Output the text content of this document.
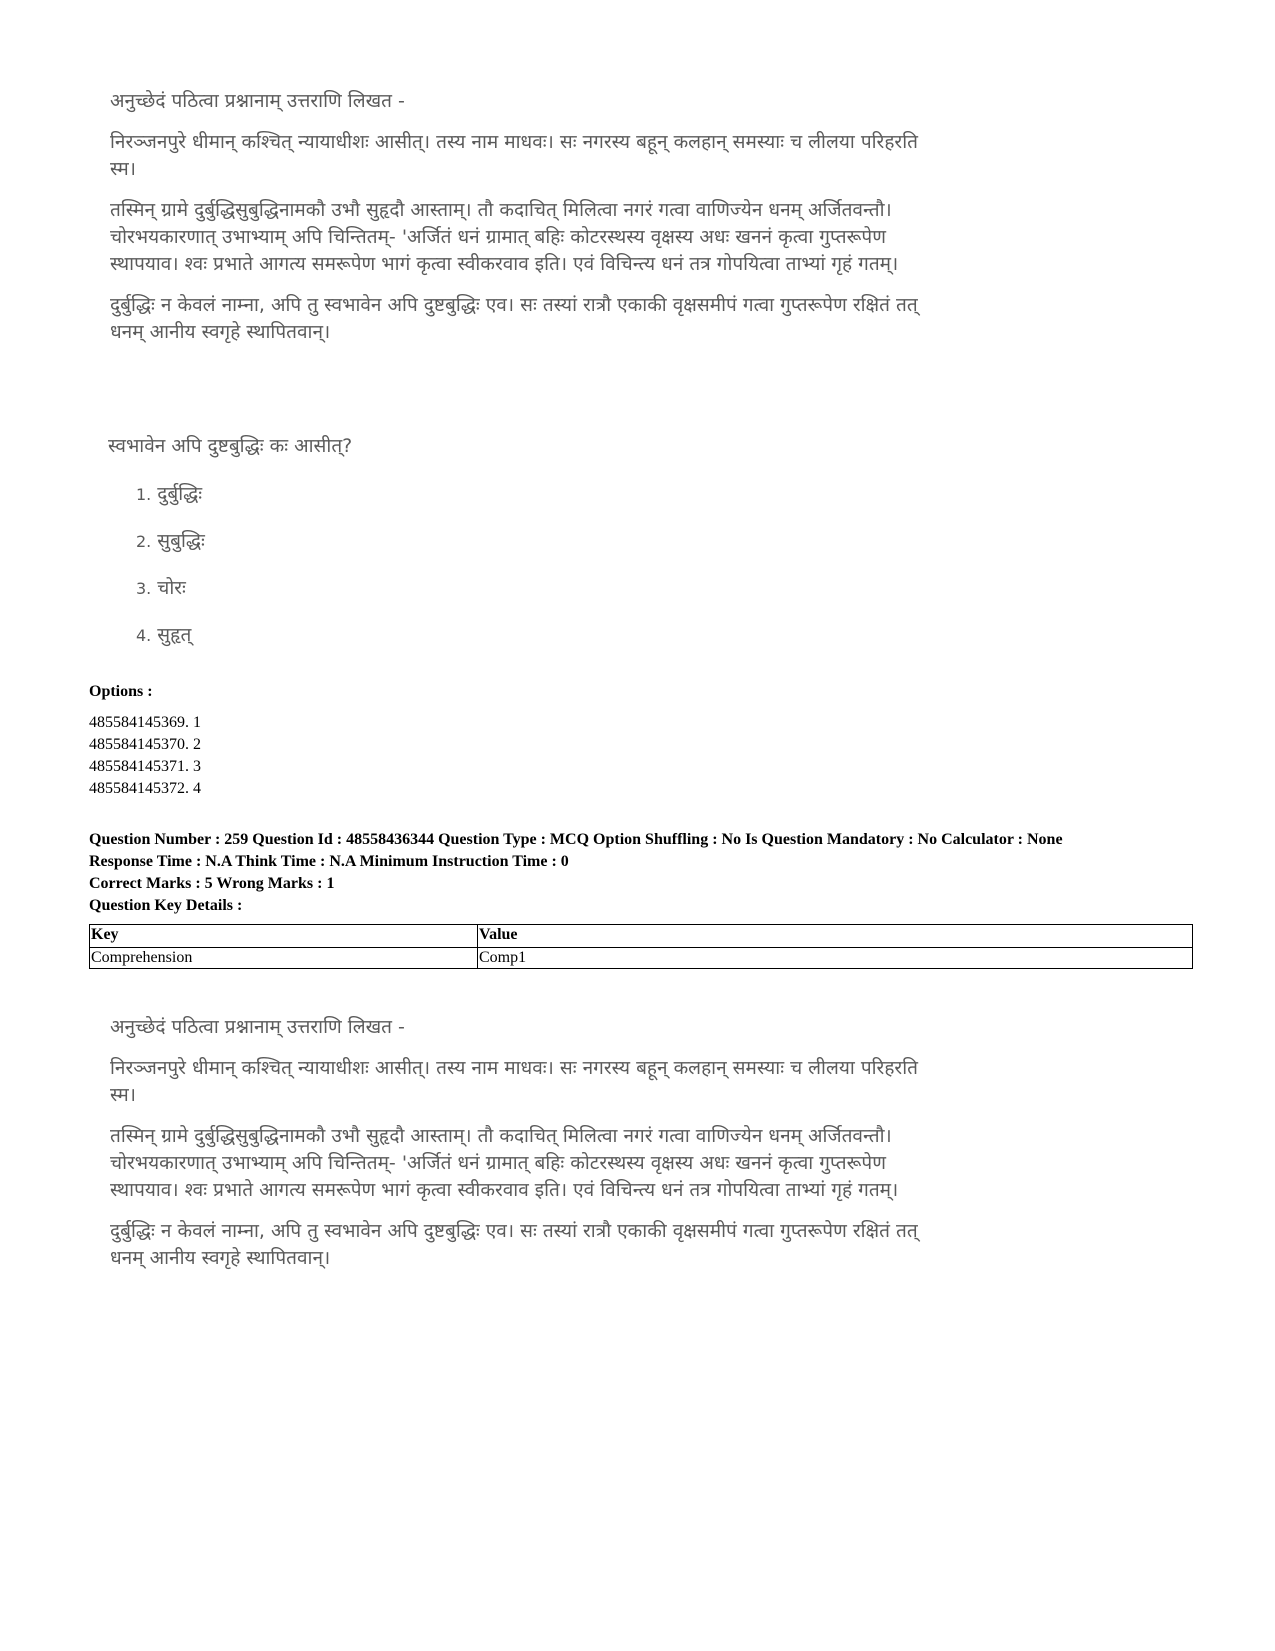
अनुच्छेदं पठित्वा प्रश्नानाम् उत्तराणि लिखत -

निरञ्जनपुरे धीमान् कश्चित् न्यायाधीशः आसीत्। तस्य नाम माधवः। सः नगरस्य बहून् कलहान् समस्याः च लीलया परिहरति

स्म।

तस्मिन् ग्रामे दुर्बुद्धिसुबुद्धिनामकौ उभौ सुहृदौ आस्ताम्। तौ कदाचित् मिलित्वा नगरं गत्वा वाणिज्येन धनम् अर्जितवन्तौ।

चोरभयकारणात् उभाभ्याम् अपि चिन्तितम्- 'अर्जितं धनं ग्रामात् बहिः कोटरस्थस्य वृक्षस्य अधः खननं कृत्वा गुप्तरूपेण

स्थापयाव। श्वः प्रभाते आगत्य समरूपेण भागं कृत्वा स्वीकरवाव इति। एवं विचिन्त्य धनं तत्र गोपयित्वा ताभ्यां गृहं गतम्।

दुर्बुद्धिः न केवलं नाम्ना, अपि तु स्वभावेन अपि दुष्टबुद्धिः एव। सः तस्यां रात्रौ एकाकी वृक्षसमीपं गत्वा गुप्तरूपेण रक्षितं तत्

धनम् आनीय स्वगृहे स्थापितवान्।

स्वभावेन अपि दुष्टबुद्धिः कः आसीत्?

1. दुर्बुद्धिः
2. सुबुद्धिः
3. चोरः
4. सुहृत्
Options :
485584145369. 1
485584145370. 2
485584145371. 3
485584145372. 4
Question Number : 259 Question Id : 48558436344 Question Type : MCQ Option Shuffling : No Is Question Mandatory : No Calculator : None
Response Time : N.A Think Time : N.A Minimum Instruction Time : 0
Correct Marks : 5 Wrong Marks : 1
Question Key Details :
Key	Value
Comprehension	Comp1

अनुच्छेदं पठित्वा प्रश्नानाम् उत्तराणि लिखत -

निरञ्जनपुरे धीमान् कश्चित् न्यायाधीशः आसीत्। तस्य नाम माधवः। सः नगरस्य बहून् कलहान् समस्याः च लीलया परिहरति

स्म।

तस्मिन् ग्रामे दुर्बुद्धिसुबुद्धिनामकौ उभौ सुहृदौ आस्ताम्। तौ कदाचित् मिलित्वा नगरं गत्वा वाणिज्येन धनम् अर्जितवन्तौ।

चोरभयकारणात् उभाभ्याम् अपि चिन्तितम्- 'अर्जितं धनं ग्रामात् बहिः कोटरस्थस्य वृक्षस्य अधः खननं कृत्वा गुप्तरूपेण

स्थापयाव। श्वः प्रभाते आगत्य समरूपेण भागं कृत्वा स्वीकरवाव इति। एवं विचिन्त्य धनं तत्र गोपयित्वा ताभ्यां गृहं गतम्।

दुर्बुद्धिः न केवलं नाम्ना, अपि तु स्वभावेन अपि दुष्टबुद्धिः एव। सः तस्यां रात्रौ एकाकी वृक्षसमीपं गत्वा गुप्तरूपेण रक्षितं तत्

धनम् आनीय स्वगृहे स्थापितवान्।
